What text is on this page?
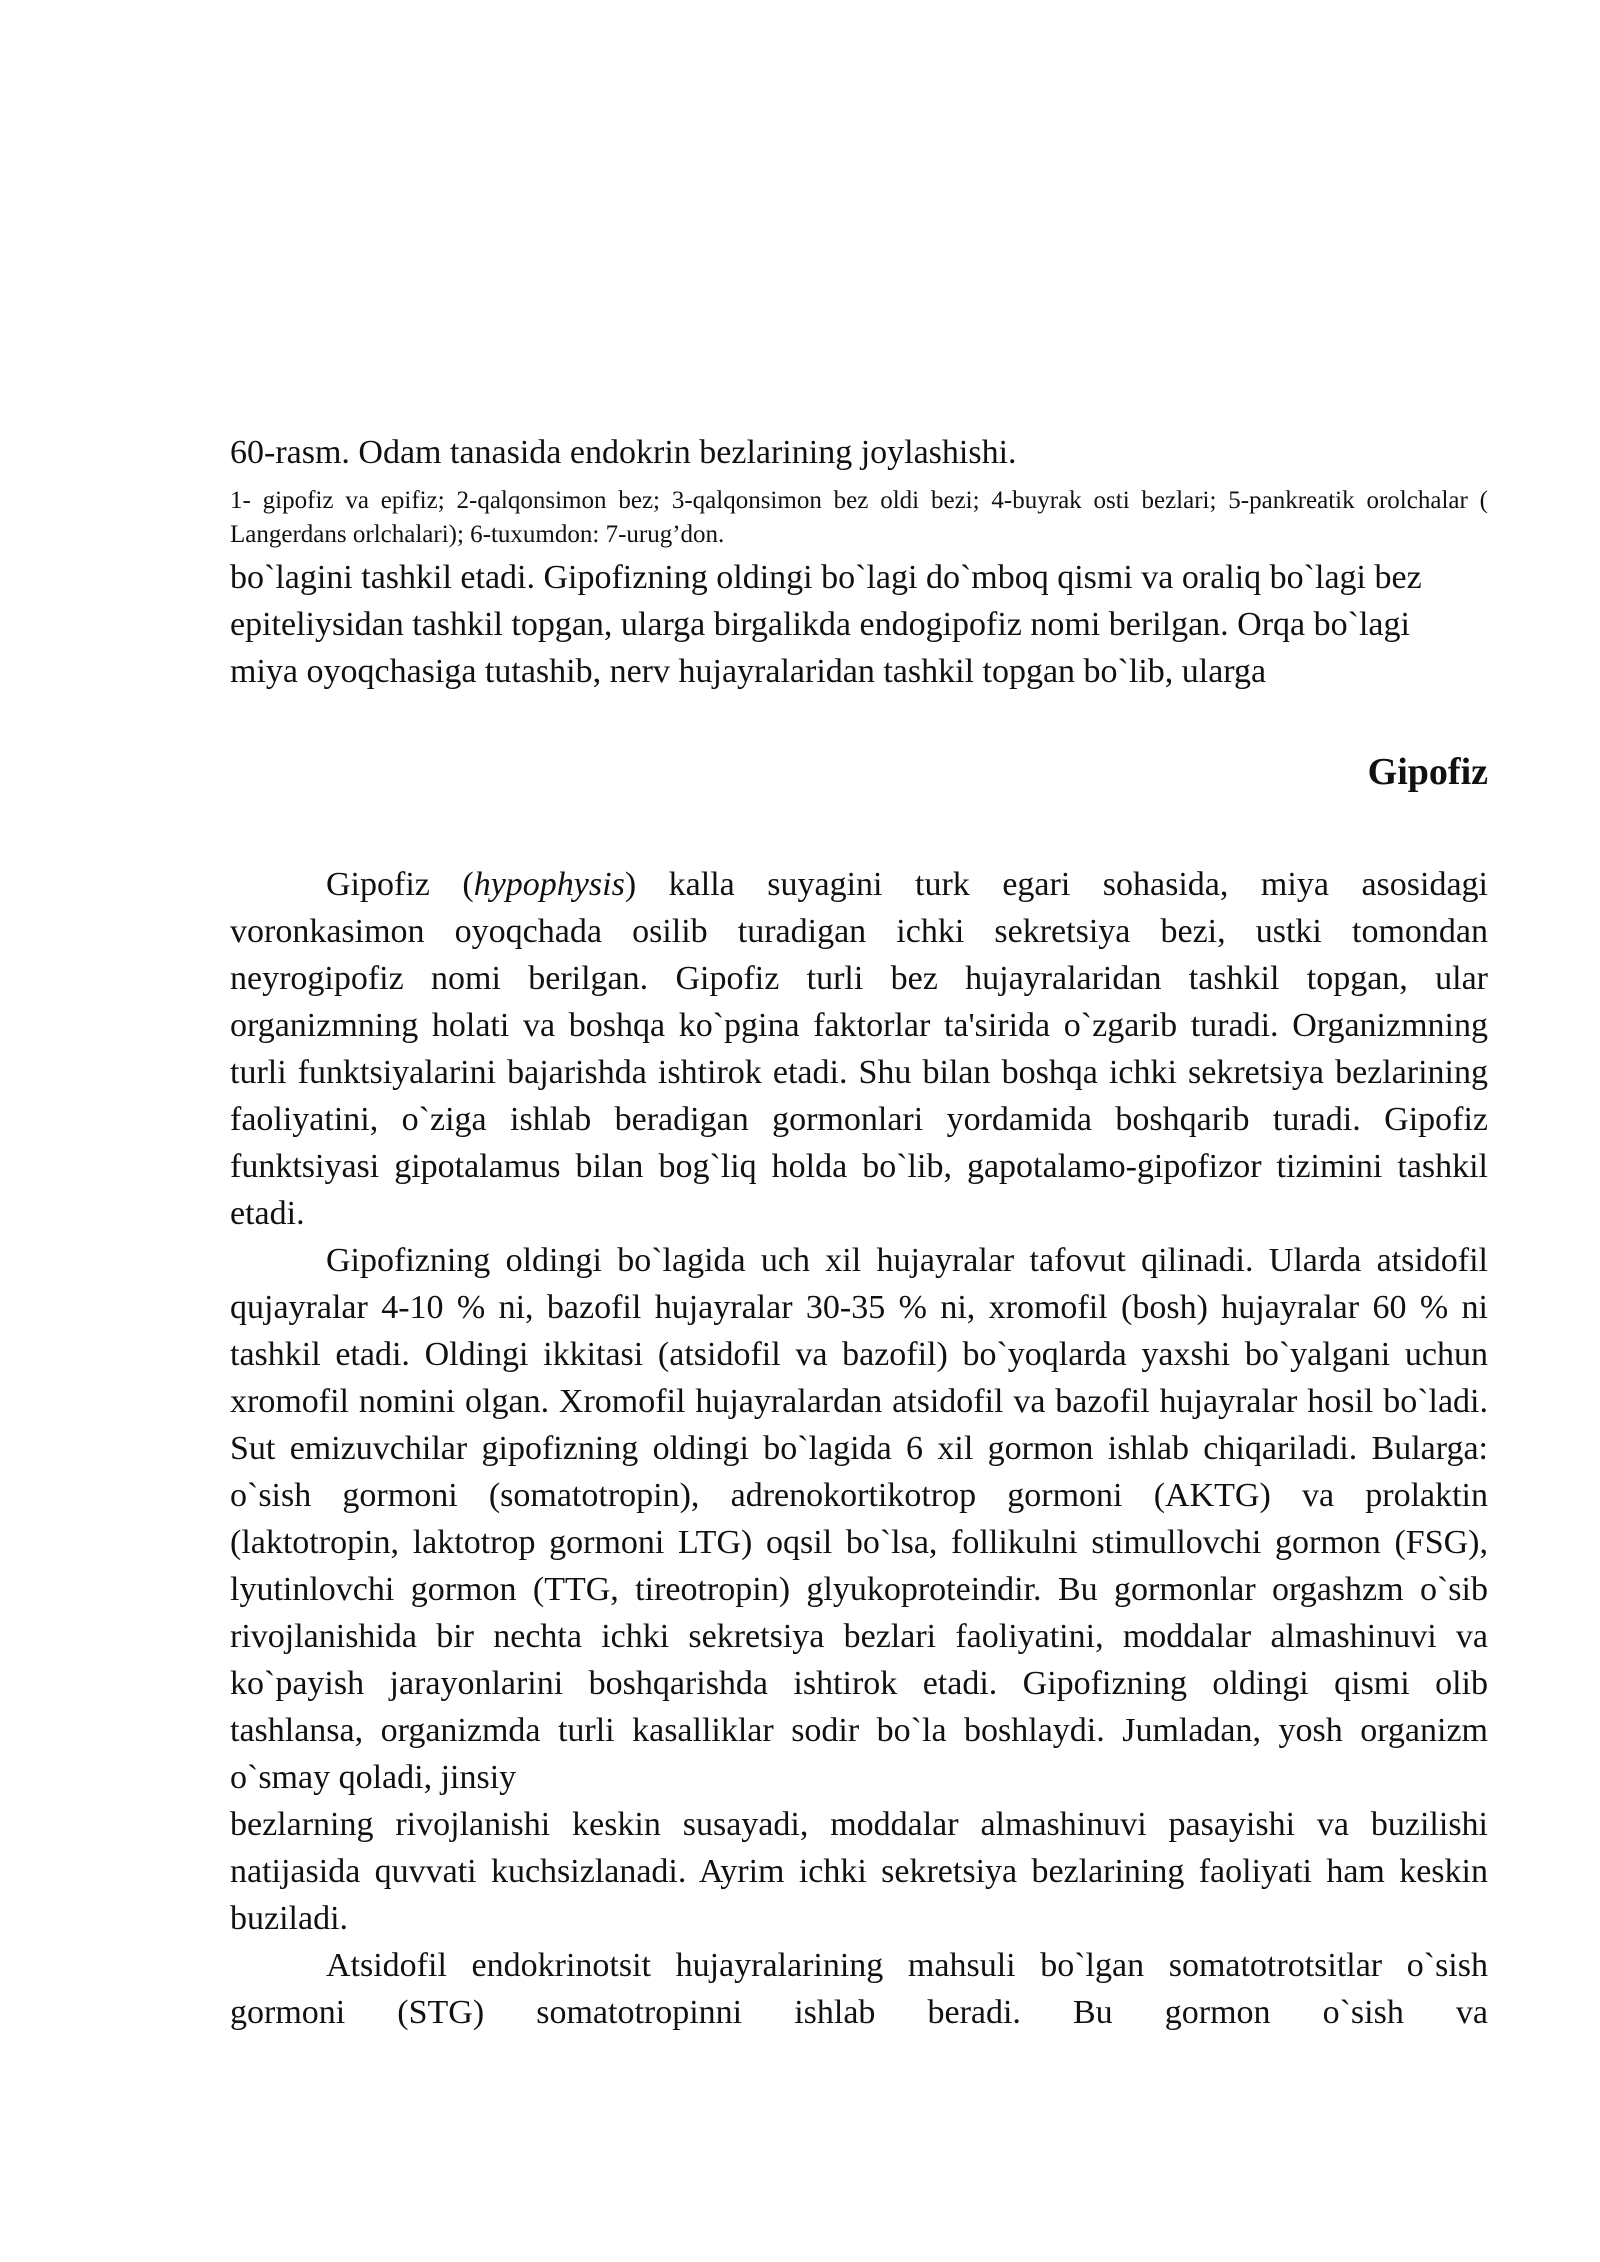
60-rasm. Odam tanasida endokrin bezlarining joylashishi.

1- gipofiz va epifiz; 2-qalqonsimon bez; 3-qalqonsimon bez oldi bezi; 4-buyrak osti bezlari; 5-pankreatik orolchalar ( Langerdans orlchalari); 6-tuxumdon: 7-urug’don.

bo`lagini tashkil etadi. Gipofizning oldingi bo`lagi do`mboq qismi va oraliq bo`lagi bez epiteliysidan tashkil topgan, ularga birgalikda endogipofiz nomi berilgan. Orqa bo`lagi miya oyoqchasiga tutashib, nerv hujayralaridan tashkil topgan bo`lib, ularga

Gipofiz

Gipofiz (hypophysis) kalla suyagini turk egari sohasida, miya asosidagi voronkasimon oyoqchada osilib turadigan ichki sekretsiya bezi, ustki tomondan neyrogipofiz nomi berilgan. Gipofiz turli bez hujayralaridan tashkil topgan, ular organizmning holati va boshqa ko`pgina faktorlar ta'sirida o`zgarib turadi. Organizmning turli funktsiyalarini bajarishda ishtirok etadi. Shu bilan boshqa ichki sekretsiya bezlarining faoliyatini, o`ziga ishlab beradigan gormonlari yordamida boshqarib turadi. Gipofiz funktsiyasi gipotalamus bilan bog`liq holda bo`lib, gapotalamo-gipofizor tizimini tashkil etadi.

Gipofizning oldingi bo`lagida uch xil hujayralar tafovut qilinadi. Ularda atsidofil qujayralar 4-10 % ni, bazofil hujayralar 30-35 % ni, xromofil (bosh) hujayralar 60 % ni tashkil etadi. Oldingi ikkitasi (atsidofil va bazofil) bo`yoqlarda yaxshi bo`yalgani uchun xromofil nomini olgan. Xromofil hujayralardan atsidofil va bazofil hujayralar hosil bo`ladi. Sut emizuvchilar gipofizning oldingi bo`lagida 6 xil gormon ishlab chiqariladi. Bularga: o`sish gormoni (somatotropin), adrenokortikotrop gormoni (AKTG) va prolaktin (laktotropin, laktotrop gormoni LTG) oqsil bo`lsa, follikulni stimullovchi gormon (FSG), lyutinlovchi gormon (TTG, tireotropin) glyukoproteindir. Bu gormonlar orgashzm o`sib rivojlanishida bir nechta ichki sekretsiya bezlari faoliyatini, moddalar almashinuvi va ko`payish jarayonlarini boshqarishda ishtirok etadi. Gipofizning oldingi qismi olib tashlansa, organizmda turli kasalliklar sodir bo`la boshlaydi. Jumladan, yosh organizm o`smay qoladi, jinsiy

bezlarning rivojlanishi keskin susayadi, moddalar almashinuvi pasayishi va buzilishi natijasida quvvati kuchsizlanadi. Ayrim ichki sekretsiya bezlarining faoliyati ham keskin buziladi.

Atsidofil endokrinotsit hujayralarining mahsuli bo`lgan somatotrotsitlar o`sish gormoni (STG) somatotropinni ishlab beradi. Bu gormon o`sish va
